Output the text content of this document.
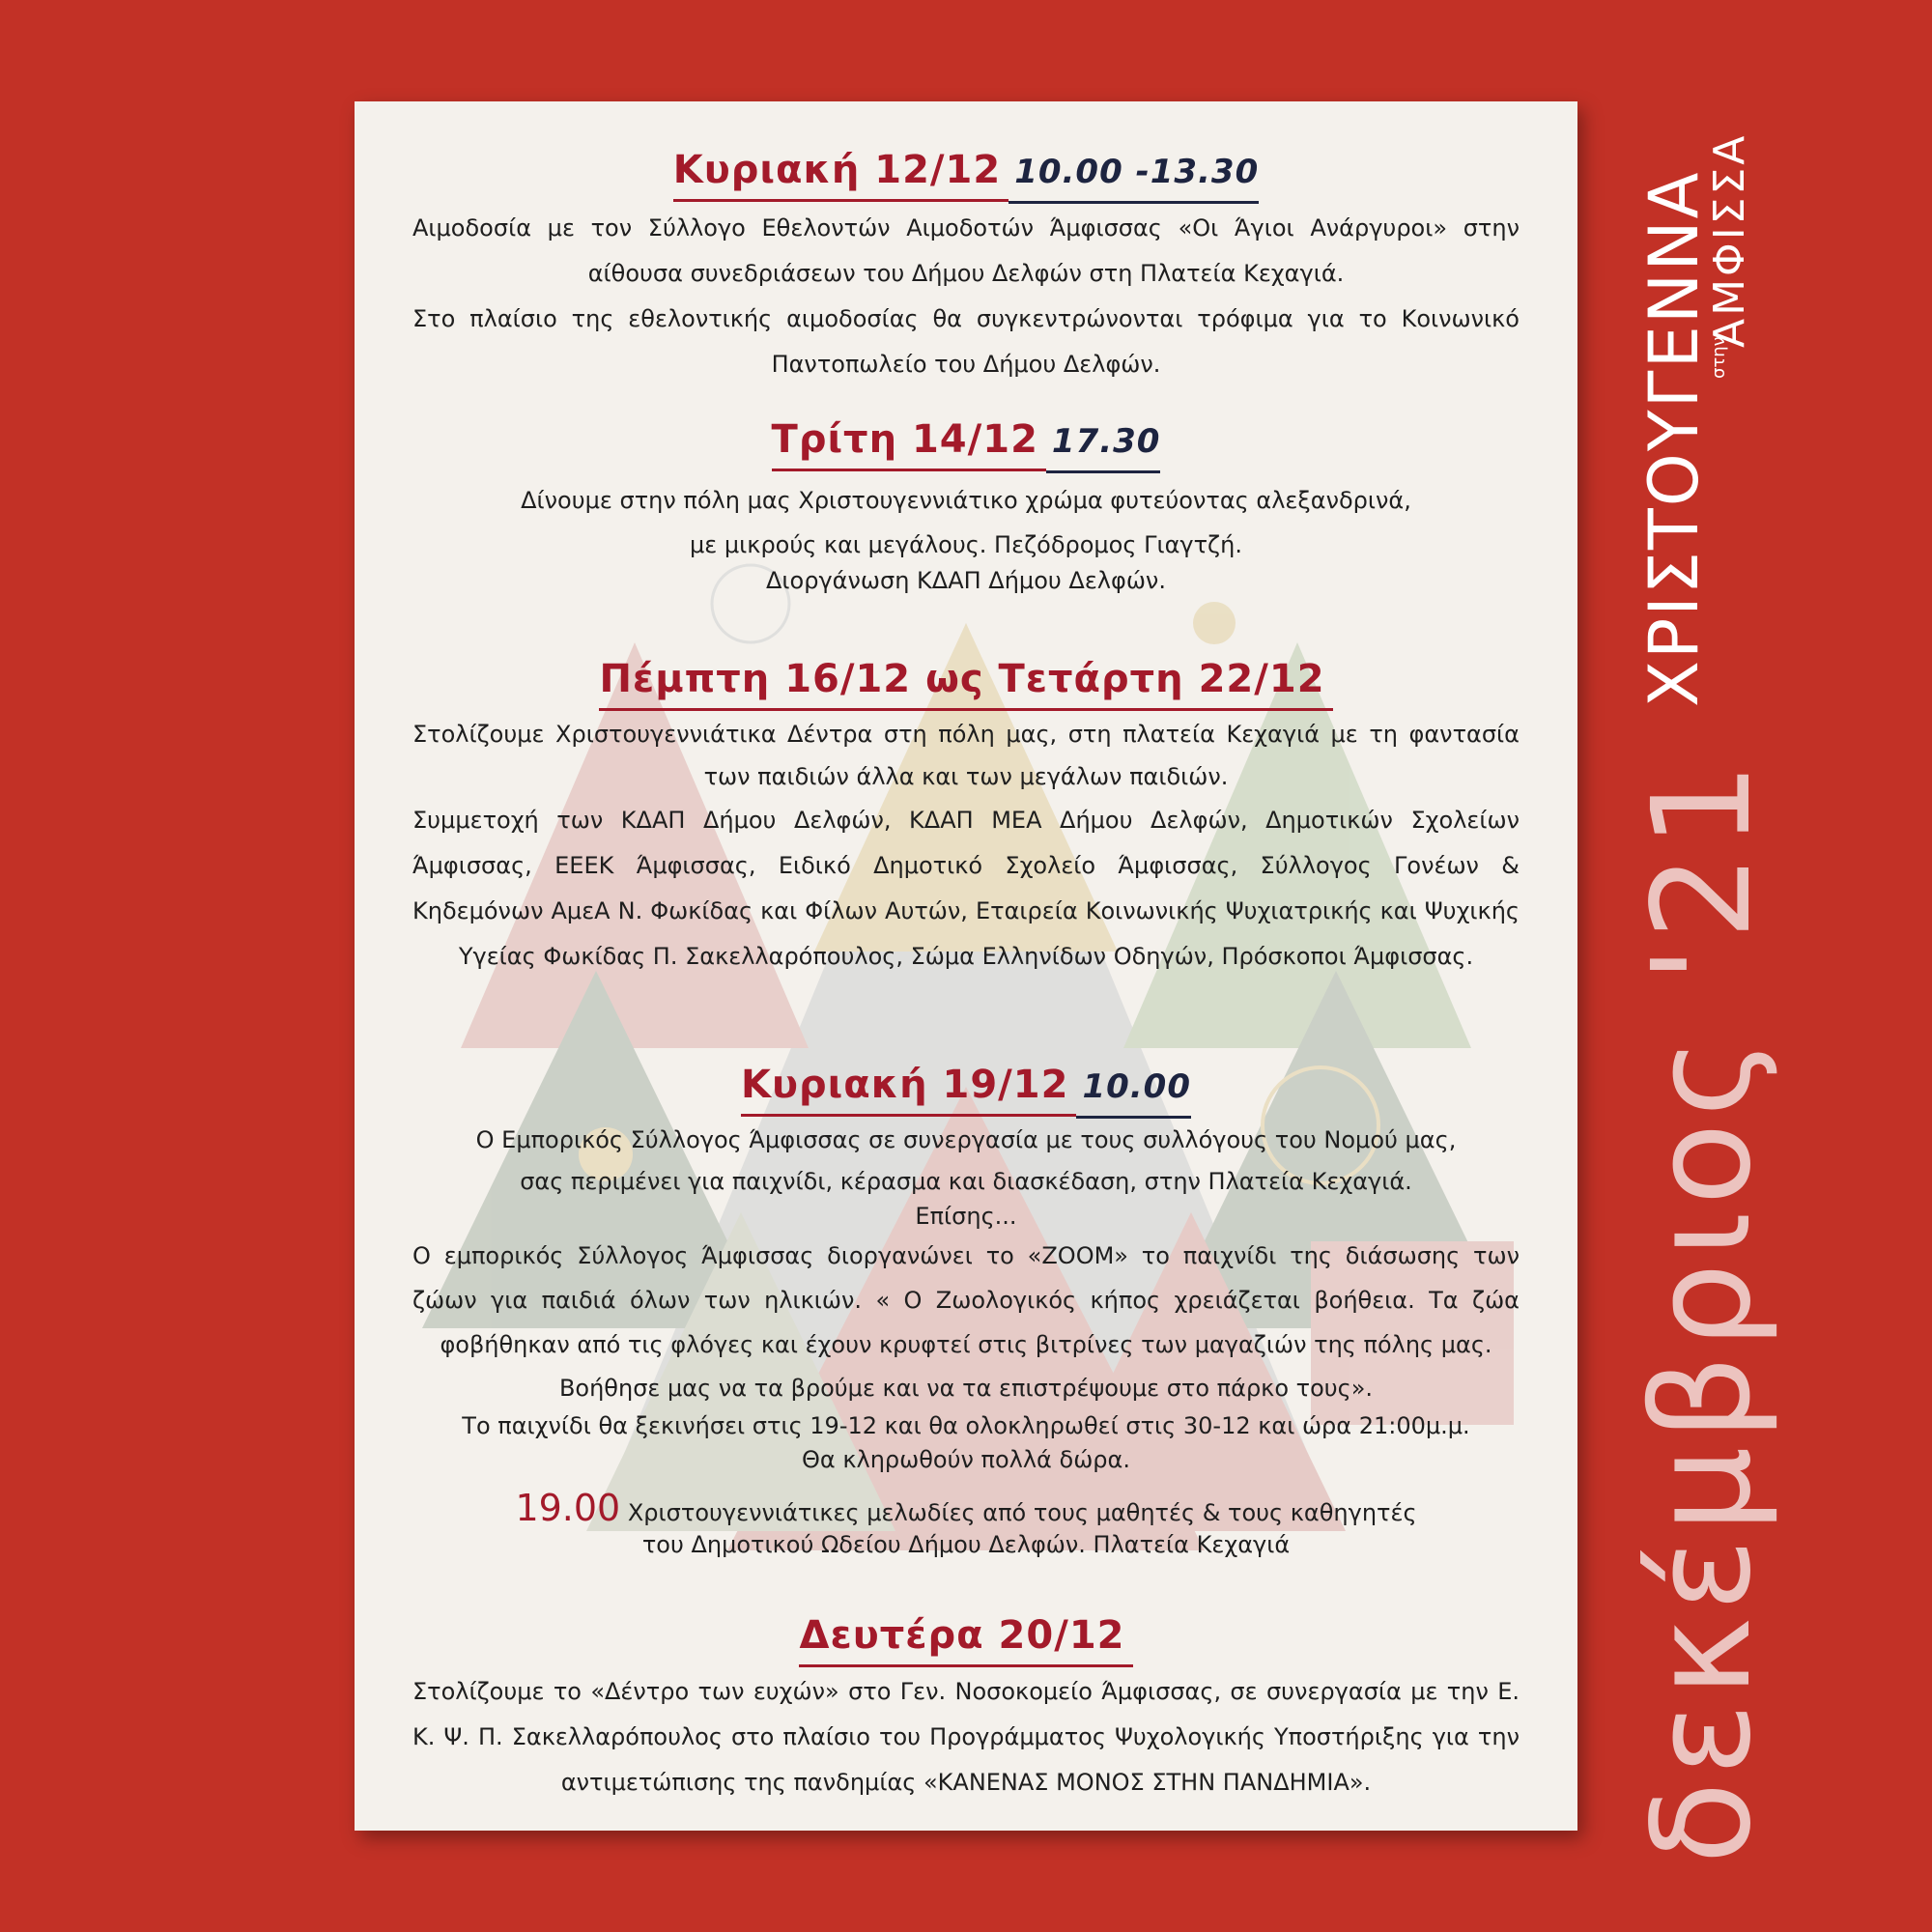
Κυριακή 12/12 10.00 -13.30

Αιμοδοσία με τον Σύλλογο Εθελοντών Αιμοδοτών Άμφισσας «Οι Άγιοι Ανάργυροι» στην αίθουσα συνεδριάσεων του Δήμου Δελφών στη Πλατεία Κεχαγιά.

Στο πλαίσιο της εθελοντικής αιμοδοσίας θα συγκεντρώνονται τρόφιμα για το Κοινωνικό Παντοπωλείο του Δήμου Δελφών.

Τρίτη 14/12 17.30

Δίνουμε στην πόλη μας Χριστουγεννιάτικο χρώμα φυτεύοντας αλεξανδρινά,

με μικρούς και μεγάλους. Πεζόδρομος Γιαγτζή.

Διοργάνωση ΚΔΑΠ Δήμου Δελφών.

Πέμπτη 16/12 ως Τετάρτη 22/12

Στολίζουμε Χριστουγεννιάτικα Δέντρα στη πόλη μας, στη πλατεία Κεχαγιά με τη φαντασία των παιδιών άλλα και των μεγάλων παιδιών.

Συμμετοχή των ΚΔΑΠ Δήμου Δελφών, ΚΔΑΠ ΜΕΑ Δήμου Δελφών, Δημοτικών Σχολείων Άμφισσας, ΕΕΕΚ Άμφισσας, Ειδικό Δημοτικό Σχολείο Άμφισσας, Σύλλογος Γονέων & Κηδεμόνων ΑμεΑ Ν. Φωκίδας και Φίλων Αυτών, Εταιρεία Κοινωνικής Ψυχιατρικής και Ψυχικής Υγείας Φωκίδας Π. Σακελλαρόπουλος, Σώμα Ελληνίδων Οδηγών, Πρόσκοποι Άμφισσας.

Κυριακή 19/12 10.00

Ο Εμπορικός Σύλλογος Άμφισσας σε συνεργασία με τους συλλόγους του Νομού μας,

σας περιμένει για παιχνίδι, κέρασμα και διασκέδαση, στην Πλατεία Κεχαγιά.

Επίσης...

Ο εμπορικός Σύλλογος Άμφισσας διοργανώνει το «ZOOM» το παιχνίδι της διάσωσης των ζώων για παιδιά όλων των ηλικιών. « Ο Ζωολογικός κήπος χρειάζεται βοήθεια. Τα ζώα φοβήθηκαν από τις φλόγες και έχουν κρυφτεί στις βιτρίνες των μαγαζιών της πόλης μας.

Βοήθησε μας να τα βρούμε και να τα επιστρέψουμε στο πάρκο τους».

Το παιχνίδι θα ξεκινήσει στις 19-12 και θα ολοκληρωθεί στις 30-12 και ώρα 21:00μ.μ.

Θα κληρωθούν πολλά δώρα.

19.00 Χριστουγεννιάτικες μελωδίες από τους μαθητές & τους καθηγητές

του Δημοτικού Ωδείου Δήμου Δελφών. Πλατεία Κεχαγιά

Δευτέρα 20/12

Στολίζουμε το «Δέντρο των ευχών» στο Γεν. Νοσοκομείο Άμφισσας, σε συνεργασία με την Ε. Κ. Ψ. Π. Σακελλαρόπουλος στο πλαίσιο του Προγράμματος Ψυχολογικής Υποστήριξης για την αντιμετώπισης της πανδημίας «ΚΑΝΕΝΑΣ ΜΟΝΟΣ ΣΤΗΝ ΠΑΝΔΗΜΙΑ».	δεκέμβριος '21
ΧΡΙΣΤΟΥΓΕΝΝΑ
στην
ΑΜΦΙΣΣΑ
